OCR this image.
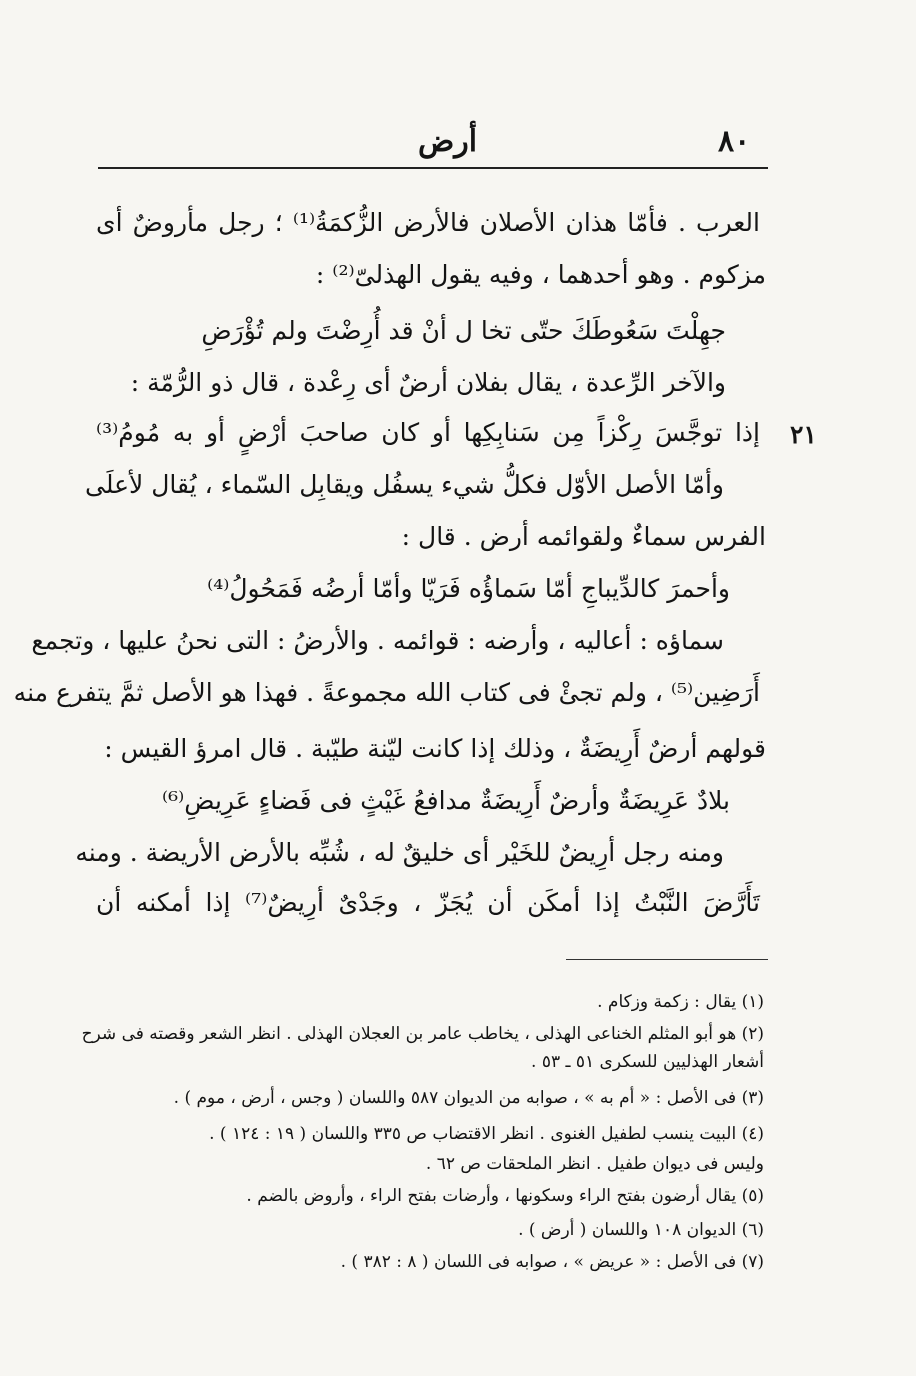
٨٠
أرض
العرب . فأمّا هذان الأصلان فالأرض الزُّكمَةُ⁽¹⁾ ؛ رجل مأروضٌ أى
مزكوم . وهو أحدهما ، وفيه يقول الهذلىّ⁽²⁾ :
جهِلْتَ سَعُوطَكَ حتّى تخا ل أنْ قد أُرِضْتَ ولم تُؤْرَضِ
والآخر الرِّعدة ، يقال بفلان أرضٌ أى رِعْدة ، قال ذو الرُّمّة :
٢١
إذا توجَّسَ رِكْزاً مِن سَنابِكِها أو كان صاحبَ أرْضٍ أو به مُومُ⁽³⁾
وأمّا الأصل الأوّل فكلُّ شيء يسفُل ويقابِل السّماء ، يُقال لأعلَى
الفرس سماءٌ ولقوائمه أرض . قال :
وأحمرَ كالدِّيباجِ أمّا سَماؤُه فَرَيّا وأمّا أرضُه فَمَحُولُ⁽⁴⁾
سماؤه : أعاليه ، وأرضه : قوائمه . والأرضُ : التى نحنُ عليها ، وتجمع
أَرَضِين⁽⁵⁾ ، ولم تجئْ فى كتاب الله مجموعةً . فهذا هو الأصل ثمَّ يتفرع منه
قولهم أرضٌ أَرِيضَةٌ ، وذلك إذا كانت ليّنة طيّبة . قال امرؤ القيس :
بلادٌ عَرِيضَةٌ وأرضٌ أَرِيضَةٌ مدافعُ غَيْثٍ فى فَضاءٍ عَرِيضِ⁽⁶⁾
ومنه رجل أرِيضٌ للخَيْر أى خليقٌ له ، شُبِّه بالأرض الأريضة . ومنه
تَأَرَّضَ النَّبْتُ إذا أمكَن أن يُجَزّ ، وجَدْىٌ أرِيضٌ⁽⁷⁾ إذا أمكنه أن
(١) يقال : زكمة وزكام .
(٢) هو أبو المثلم الخناعى الهذلى ، يخاطب عامر بن العجلان الهذلى . انظر الشعر وقصته فى شرح
أشعار الهذليين للسكرى ٥١ ـ ٥٣ .
(٣) فى الأصل : « أم به » ، صوابه من الديوان ٥٨٧ واللسان ( وجس ، أرض ، موم ) .
(٤) البيت ينسب لطفيل الغنوى . انظر الاقتضاب ص ٣٣٥ واللسان ( ١٩ : ١٢٤ ) .
وليس فى ديوان طفيل . انظر الملحقات ص ٦٢ .
(٥) يقال أرضون بفتح الراء وسكونها ، وأرضات بفتح الراء ، وأروض بالضم .
(٦) الديوان ١٠٨ واللسان ( أرض ) .
(٧) فى الأصل : « عريض » ، صوابه فى اللسان ( ٨ : ٣٨٢ ) .
